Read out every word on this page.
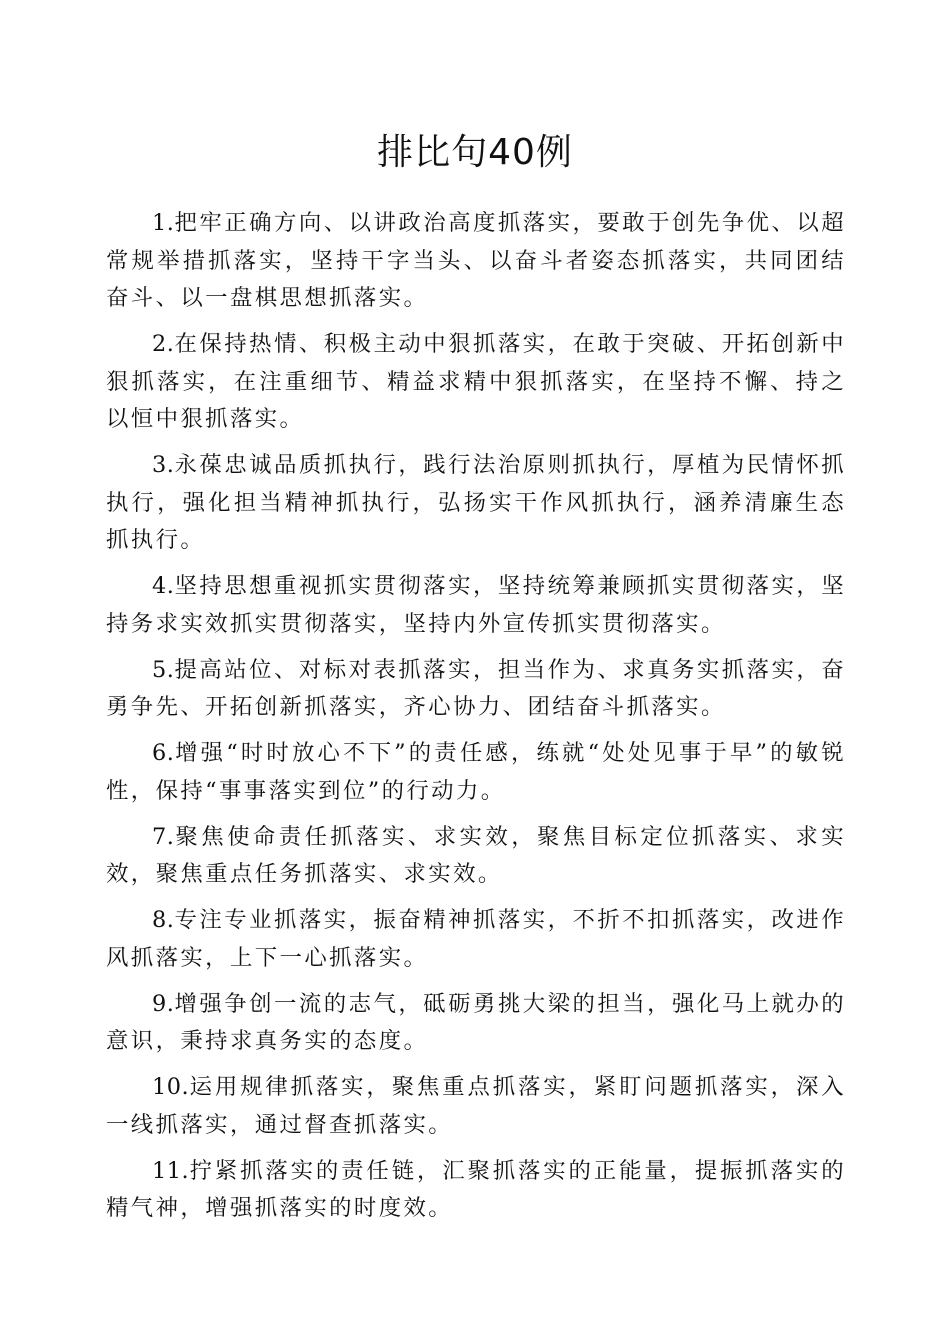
排比句40例

1.把牢正确方向、以讲政治高度抓落实，要敢于创先争优、以超常规举措抓落实，坚持干字当头、以奋斗者姿态抓落实，共同团结奋斗、以一盘棋思想抓落实。

2.在保持热情、积极主动中狠抓落实，在敢于突破、开拓创新中狠抓落实，在注重细节、精益求精中狠抓落实，在坚持不懈、持之以恒中狠抓落实。

3.永葆忠诚品质抓执行，践行法治原则抓执行，厚植为民情怀抓执行，强化担当精神抓执行，弘扬实干作风抓执行，涵养清廉生态抓执行。

4.坚持思想重视抓实贯彻落实，坚持统筹兼顾抓实贯彻落实，坚持务求实效抓实贯彻落实，坚持内外宣传抓实贯彻落实。

5.提高站位、对标对表抓落实，担当作为、求真务实抓落实，奋勇争先、开拓创新抓落实，齐心协力、团结奋斗抓落实。

6.增强“时时放心不下”的责任感，练就“处处见事于早”的敏锐性，保持“事事落实到位”的行动力。

7.聚焦使命责任抓落实、求实效，聚焦目标定位抓落实、求实效，聚焦重点任务抓落实、求实效。

8.专注专业抓落实，振奋精神抓落实，不折不扣抓落实，改进作风抓落实，上下一心抓落实。

9.增强争创一流的志气，砥砺勇挑大梁的担当，强化马上就办的意识，秉持求真务实的态度。

10.运用规律抓落实，聚焦重点抓落实，紧盯问题抓落实，深入一线抓落实，通过督查抓落实。

11.拧紧抓落实的责任链，汇聚抓落实的正能量，提振抓落实的精气神，增强抓落实的时度效。
